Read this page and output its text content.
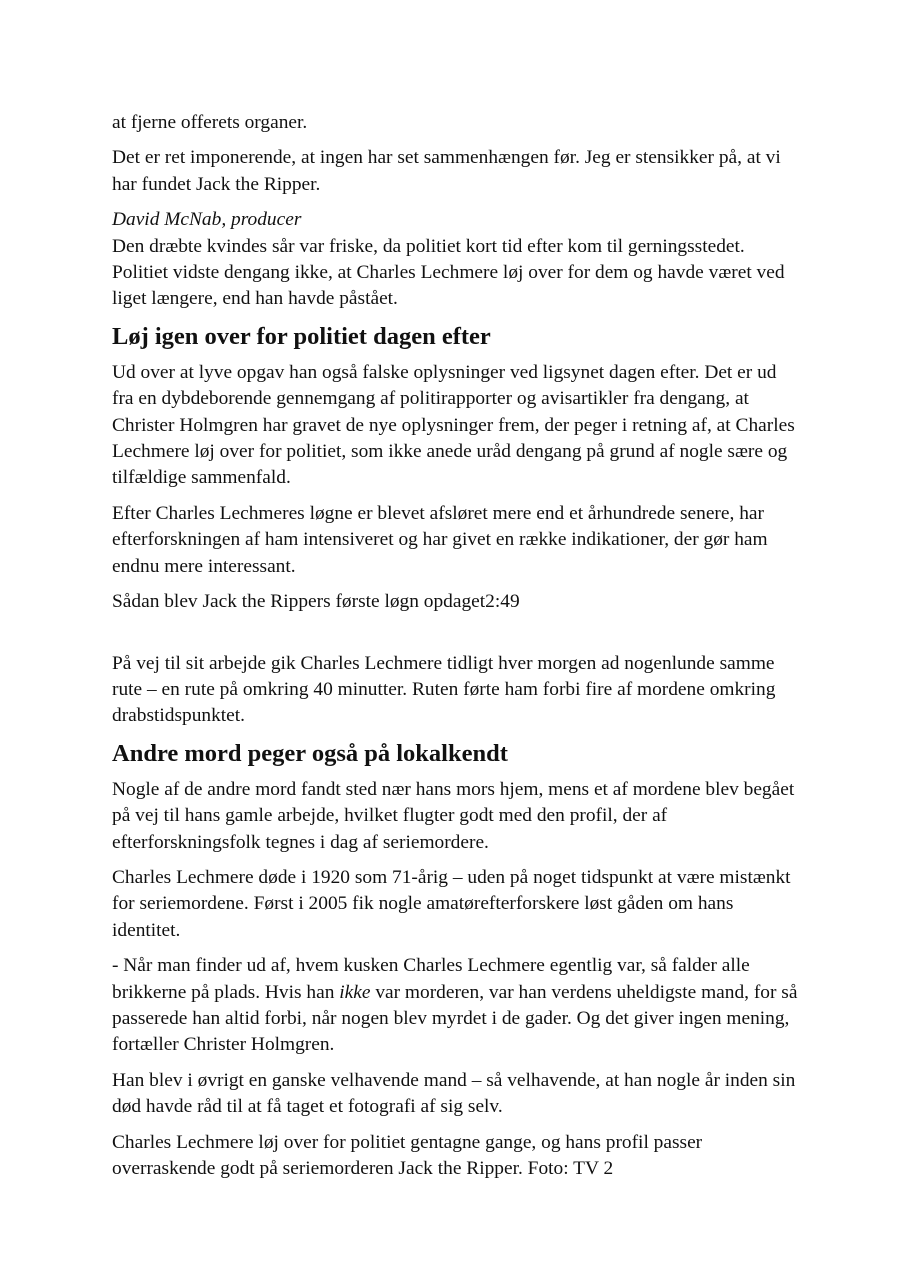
at fjerne offerets organer.

Det er ret imponerende, at ingen har set sammenhængen før. Jeg er stensikker på, at vi har fundet Jack the Ripper.

David McNab, producer

Den dræbte kvindes sår var friske, da politiet kort tid efter kom til gerningsstedet. Politiet vidste dengang ikke, at Charles Lechmere løj over for dem og havde været ved liget længere, end han havde påstået.

Løj igen over for politiet dagen efter

Ud over at lyve opgav han også falske oplysninger ved ligsynet dagen efter. Det er ud fra en dybdeborende gennemgang af politirapporter og avisartikler fra dengang, at Christer Holmgren har gravet de nye oplysninger frem, der peger i retning af, at Charles Lechmere løj over for politiet, som ikke anede uråd dengang på grund af nogle sære og tilfældige sammenfald.

Efter Charles Lechmeres løgne er blevet afsløret mere end et århundrede senere, har efterforskningen af ham intensiveret og har givet en række indikationer, der gør ham endnu mere interessant.

Sådan blev Jack the Rippers første løgn opdaget2:49

På vej til sit arbejde gik Charles Lechmere tidligt hver morgen ad nogenlunde samme rute – en rute på omkring 40 minutter. Ruten førte ham forbi fire af mordene omkring drabstidspunktet.

Andre mord peger også på lokalkendt

Nogle af de andre mord fandt sted nær hans mors hjem, mens et af mordene blev begået på vej til hans gamle arbejde, hvilket flugter godt med den profil, der af efterforskningsfolk tegnes i dag af seriemordere.

Charles Lechmere døde i 1920 som 71-årig – uden på noget tidspunkt at være mistænkt for seriemordene. Først i 2005 fik nogle amatørefterforskere løst gåden om hans identitet.

- Når man finder ud af, hvem kusken Charles Lechmere egentlig var, så falder alle brikkerne på plads. Hvis han ikke var morderen, var han verdens uheldigste mand, for så passerede han altid forbi, når nogen blev myrdet i de gader. Og det giver ingen mening, fortæller Christer Holmgren.

Han blev i øvrigt en ganske velhavende mand – så velhavende, at han nogle år inden sin død havde råd til at få taget et fotografi af sig selv.

Charles Lechmere løj over for politiet gentagne gange, og hans profil passer overraskende godt på seriemorderen Jack the Ripper. Foto: TV 2
